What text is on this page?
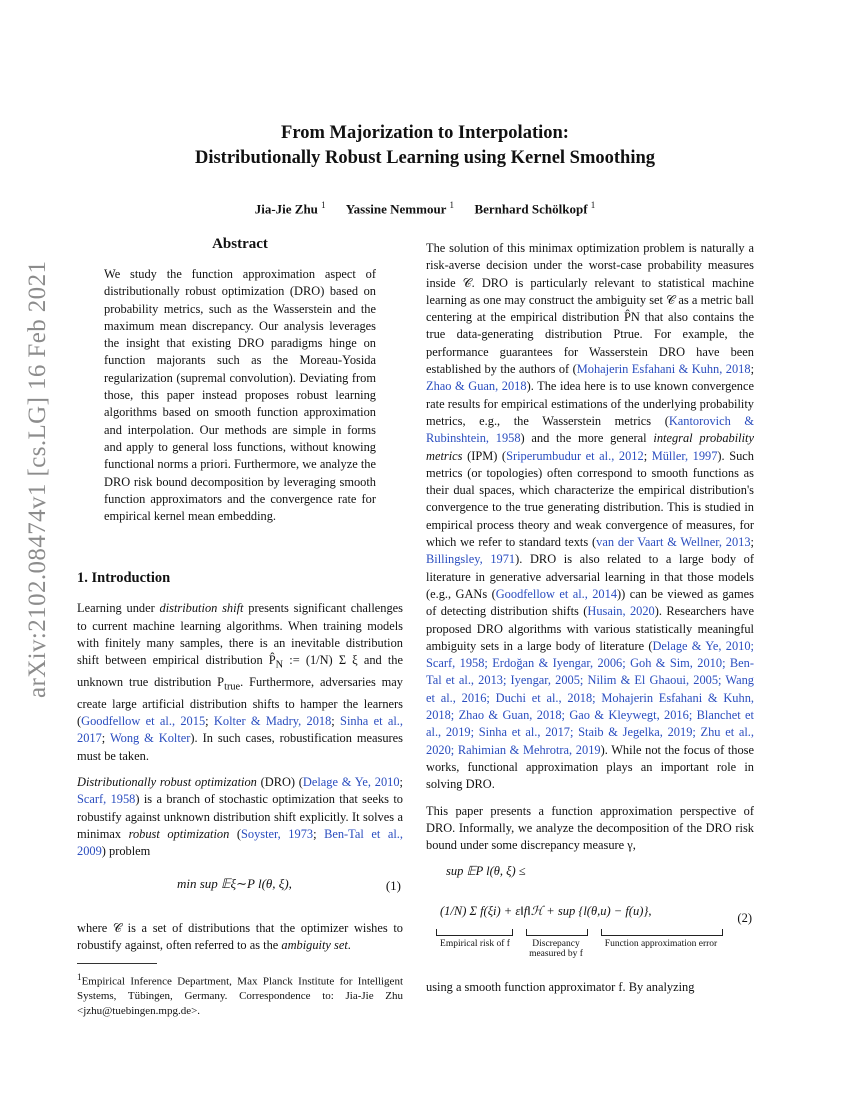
arXiv:2102.08474v1 [cs.LG] 16 Feb 2021
From Majorization to Interpolation:
Distributionally Robust Learning using Kernel Smoothing
Jia-Jie Zhu $^1$ Yassine Nemmour $^1$ Bernhard Schölkopf $^1$
Abstract
We study the function approximation aspect of distributionally robust optimization (DRO) based on probability metrics, such as the Wasserstein and the maximum mean discrepancy. Our analysis leverages the insight that existing DRO paradigms hinge on function majorants such as the Moreau-Yosida regularization (supremal convolution). Deviating from those, this paper instead proposes robust learning algorithms based on smooth function approximation and interpolation. Our methods are simple in forms and apply to general loss functions, without knowing functional norms a priori. Furthermore, we analyze the DRO risk bound decomposition by leveraging smooth function approximators and the convergence rate for empirical kernel mean embedding.
1. Introduction

Learning under distribution shift presents significant challenges to current machine learning algorithms. When training models with finitely many samples, there is an inevitable distribution shift between empirical distribution $P̂_N$ := (1/N) Σ ξ and the unknown true distribution $P_{true}$. Furthermore, adversaries may create large artificial distribution shifts to hamper the learners (Goodfellow et al., 2015; Kolter & Madry, 2018; Sinha et al., 2017; Wong & Kolter). In such cases, robustification measures must be taken.

Distributionally robust optimization (DRO) (Delage & Ye, 2010; Scarf, 1958) is a branch of stochastic optimization that seeks to robustify against unknown distribution shift explicitly. It solves a minimax robust optimization (Soyster, 1973; Ben-Tal et al., 2009) problem

min sup 𝔼ξ∼P l(θ, ξ),	(1)

where 𝒞 is a set of distributions that the optimizer wishes to robustify against, often referred to as the ambiguity set.

$^1$Empirical Inference Department, Max Planck Institute for Intelligent Systems, Tübingen, Germany. Correspondence to: Jia-Jie Zhu <jzhu@tuebingen.mpg.de>.

The solution of this minimax optimization problem is naturally a risk-averse decision under the worst-case probability measures inside 𝒞. DRO is particularly relevant to statistical machine learning as one may construct the ambiguity set 𝒞 as a metric ball centering at the empirical distribution P̂N that also contains the true data-generating distribution Ptrue. For example, the performance guarantees for Wasserstein DRO have been established by the authors of (Mohajerin Esfahani & Kuhn, 2018; Zhao & Guan, 2018). The idea here is to use known convergence rate results for empirical estimations of the underlying probability metrics, e.g., the Wasserstein metrics (Kantorovich & Rubinshtein, 1958) and the more general integral probability metrics (IPM) (Sriperumbudur et al., 2012; Müller, 1997). Such metrics (or topologies) often correspond to smooth functions as their dual spaces, which characterize the empirical distribution's convergence to the true generating distribution. This is studied in empirical process theory and weak convergence of measures, for which we refer to standard texts (van der Vaart & Wellner, 2013; Billingsley, 1971). DRO is also related to a large body of literature in generative adversarial learning in that those models (e.g., GANs (Goodfellow et al., 2014)) can be viewed as games of detecting distribution shifts (Husain, 2020). Researchers have proposed DRO algorithms with various statistically meaningful ambiguity sets in a large body of literature (Delage & Ye, 2010; Scarf, 1958; Erdoğan & Iyengar, 2006; Goh & Sim, 2010; Ben-Tal et al., 2013; Iyengar, 2005; Nilim & El Ghaoui, 2005; Wang et al., 2016; Duchi et al., 2018; Mohajerin Esfahani & Kuhn, 2018; Zhao & Guan, 2018; Gao & Kleywegt, 2016; Blanchet et al., 2019; Sinha et al., 2017; Staib & Jegelka, 2019; Zhu et al., 2020; Rahimian & Mehrotra, 2019). While not the focus of those works, functional approximation plays an important role in solving DRO.

This paper presents a function approximation perspective of DRO. Informally, we analyze the decomposition of the DRO risk bound under some discrepancy measure γ,

sup 𝔼P l(θ, ξ) ≤
(1/N) Σ f(ξi) + ε‖f‖ℋ + sup {l(θ,u) − f(u)},	(2)
Empirical risk of f	Discrepancy measured by f
Function approximation error

using a smooth function approximator f. By analyzing
